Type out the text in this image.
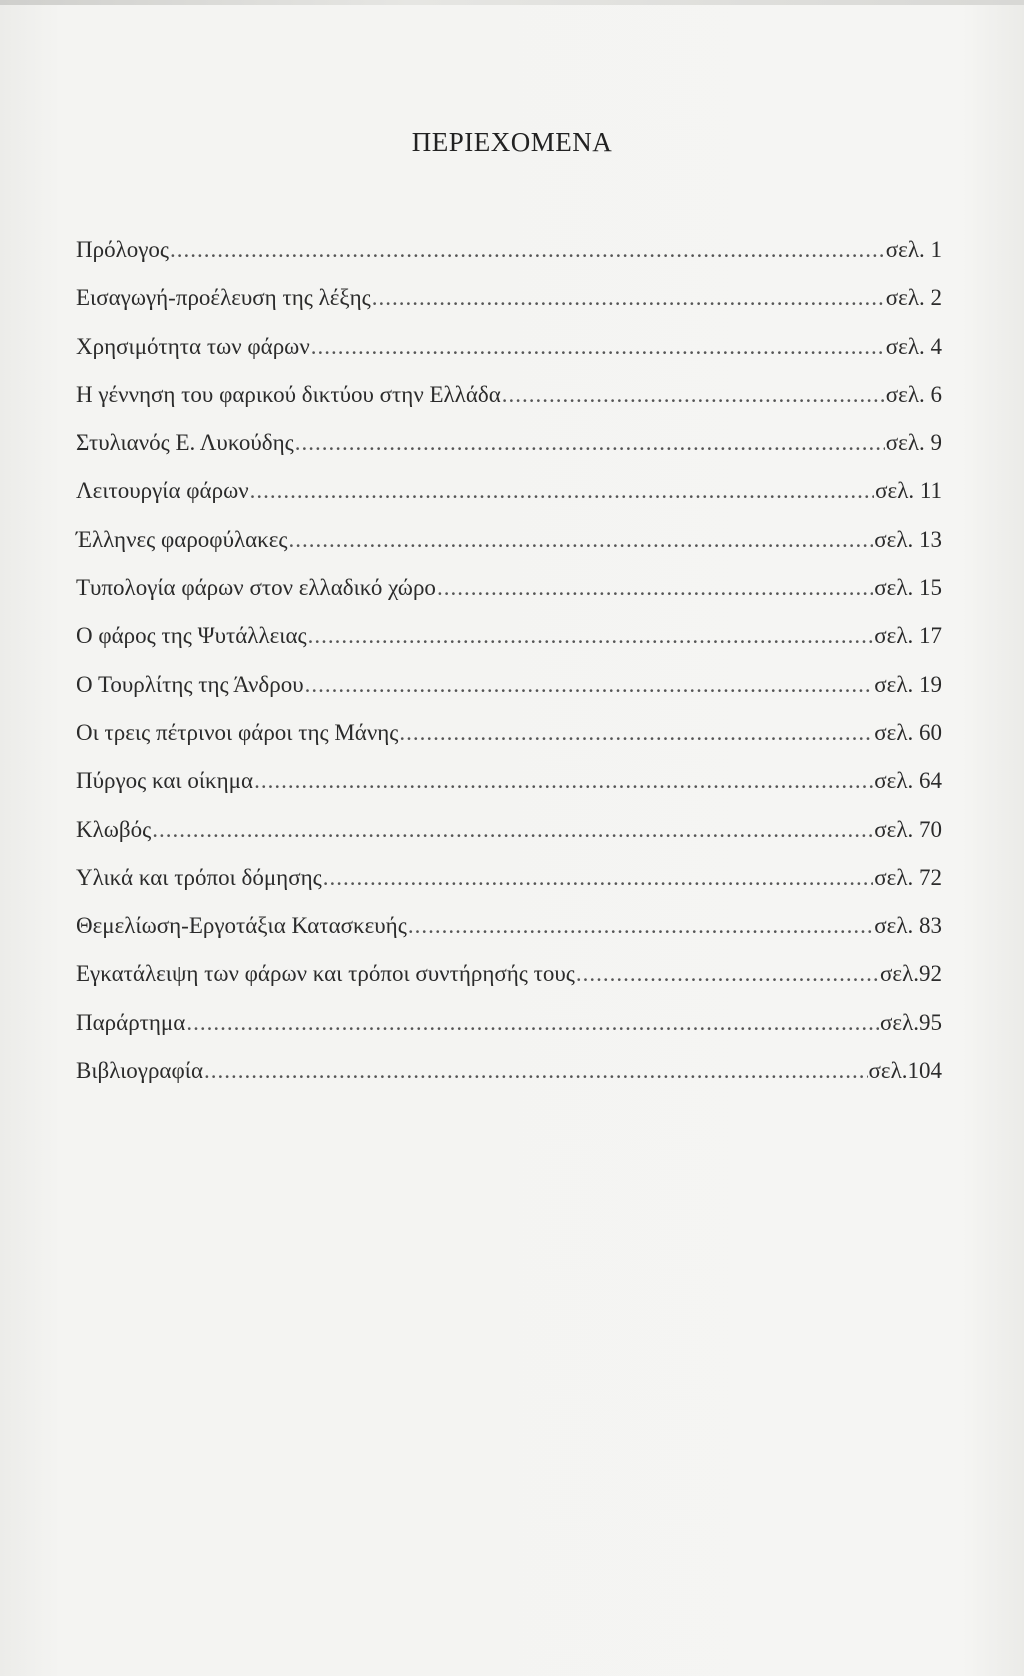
ΠΕΡΙΕΧΟΜΕΝΑ
Πρόλογος .....	σελ. 1
Εισαγωγή-προέλευση της λέξης .....	σελ. 2
Χρησιμότητα των φάρων .....	σελ. 4
Η γέννηση του φαρικού δικτύου στην Ελλάδα .....	σελ. 6
Στυλιανός Ε. Λυκούδης .....	σελ. 9
Λειτουργία φάρων .....	σελ. 11
Έλληνες φαροφύλακες .....	σελ. 13
Τυπολογία φάρων στον ελλαδικό χώρο .....	σελ. 15
Ο φάρος της Ψυτάλλειας .....	σελ. 17
Ο Τουρλίτης της Άνδρου .....	σελ. 19
Οι τρεις πέτρινοι φάροι της Μάνης .....	σελ. 60
Πύργος και οίκημα .....	σελ. 64
Κλωβός .....	σελ. 70
Υλικά και τρόποι δόμησης .....	σελ. 72
Θεμελίωση-Εργοτάξια Κατασκευής .....	σελ. 83
Εγκατάλειψη των φάρων και τρόποι συντήρησής τους .....	σελ.92
Παράρτημα .....	σελ.95
Βιβλιογραφία .....	σελ.104
